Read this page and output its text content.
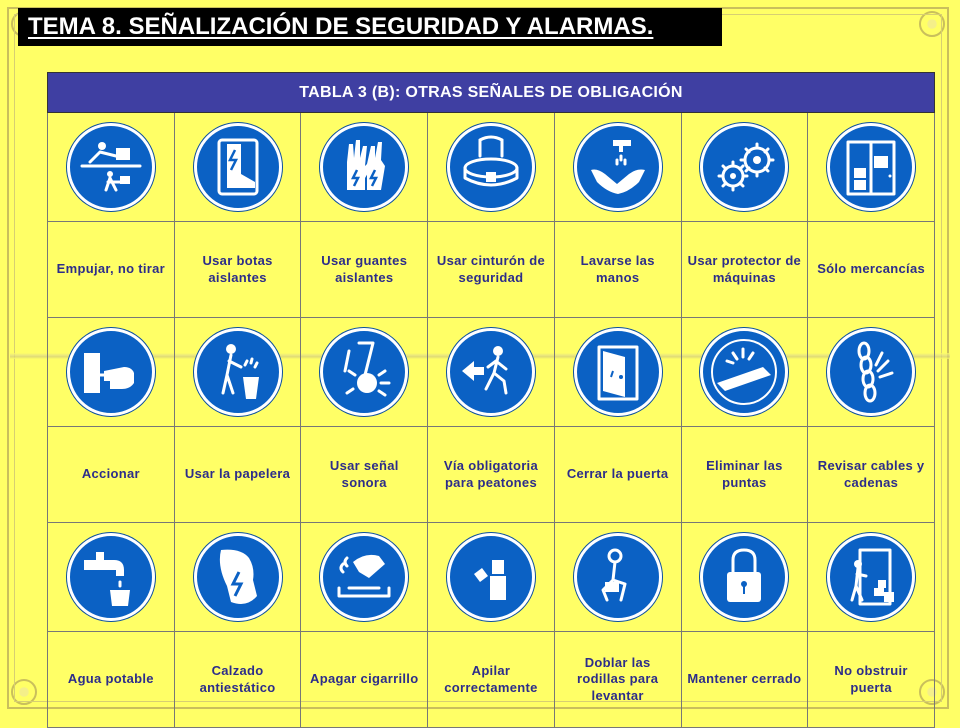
TEMA 8. SEÑALIZACIÓN DE SEGURIDAD Y ALARMAS.
TABLA 3 (B): OTRAS SEÑALES DE OBLIGACIÓN						

Empujar, no tirar	Usar botas aislantes	Usar guantes aislantes	Usar cinturón de seguridad	Lavarse las manos	Usar protector de máquinas	Sólo mercancías

Accionar	Usar la papelera	Usar señal sonora	Vía obligatoria para peatones	Cerrar la puerta	Eliminar las puntas	Revisar cables y cadenas

Agua potable	Calzado antiestático	Apagar cigarrillo	Apilar correctamente	Doblar las rodillas para levantar	Mantener cerrado	No obstruir puerta
